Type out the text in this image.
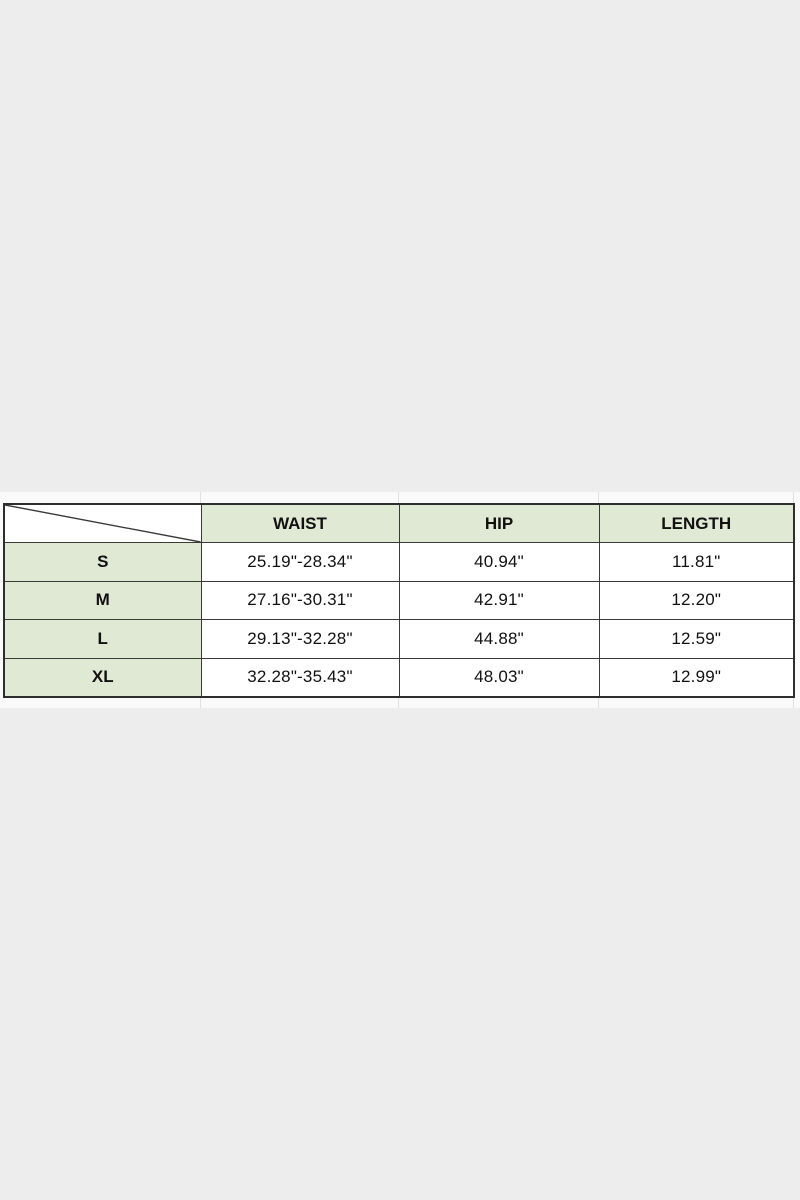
	WAIST	HIP	LENGTH
S	25.19"-28.34"	40.94"	11.81"
M	27.16"-30.31"	42.91"	12.20"
L	29.13"-32.28"	44.88"	12.59"
XL	32.28"-35.43"	48.03"	12.99"
